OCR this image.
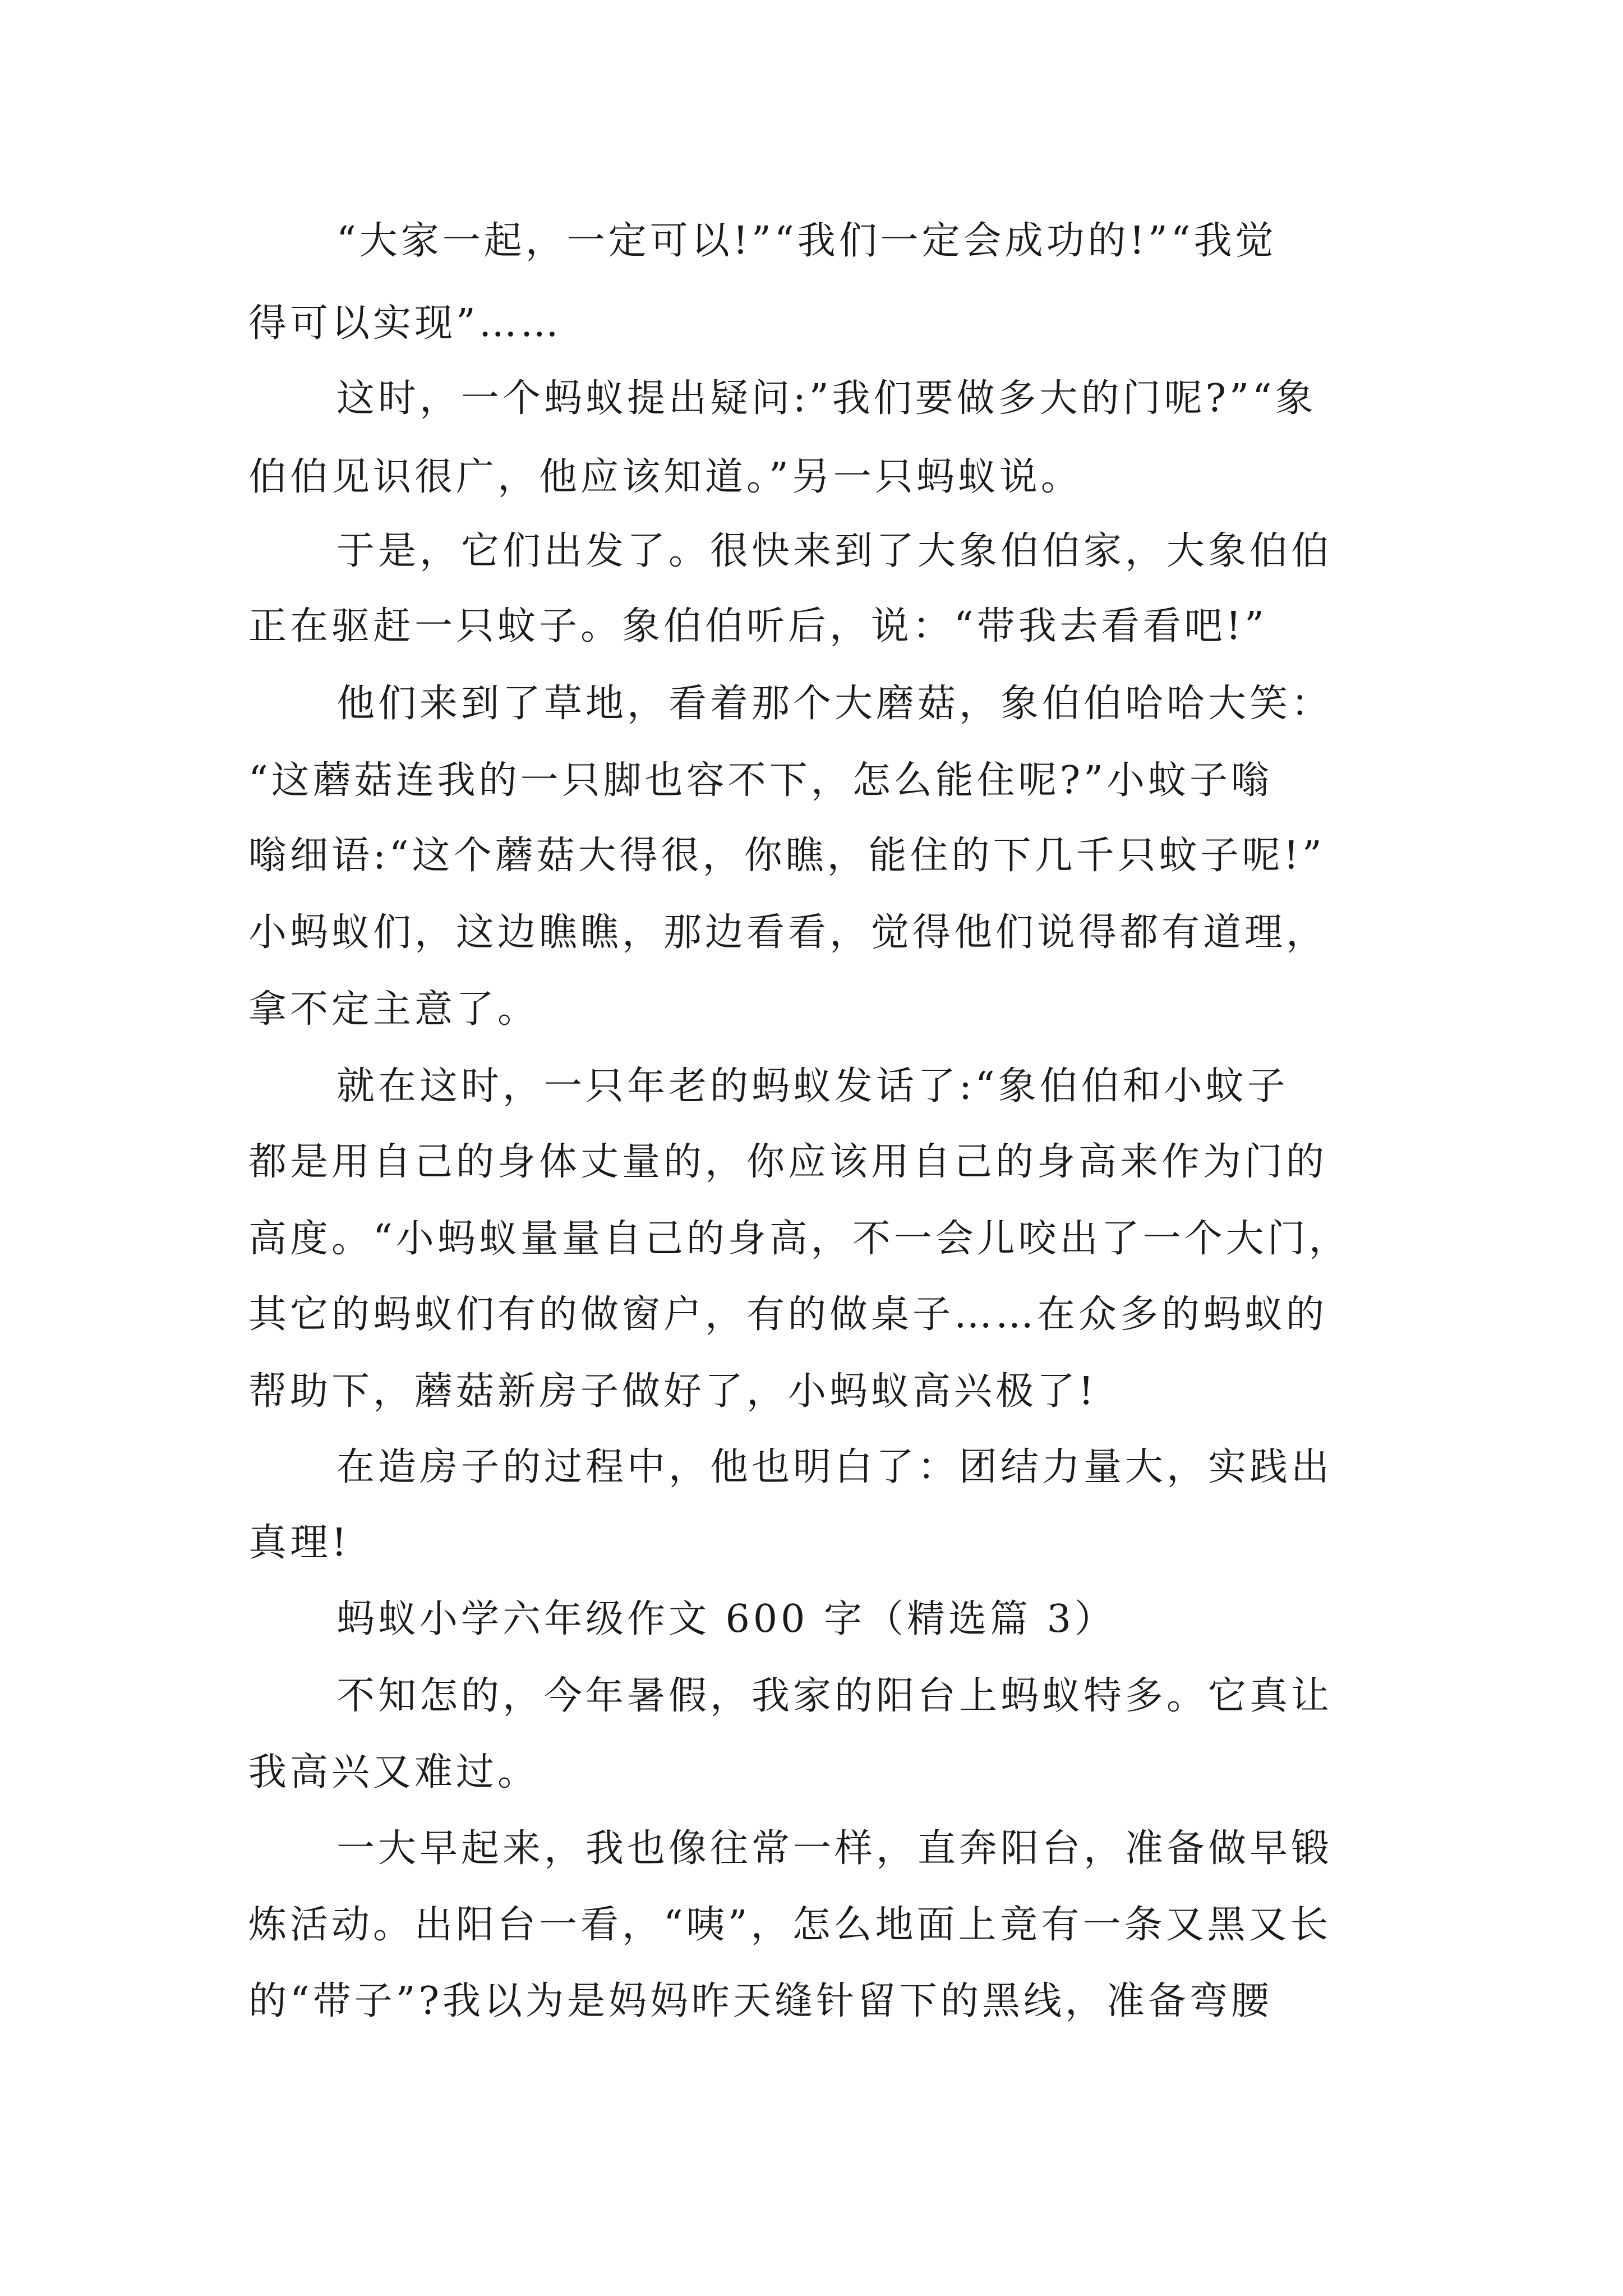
“大家一起，一定可以!”“我们一定会成功的!”“我觉
得可以实现”……
这时，一个蚂蚁提出疑问:”我们要做多大的门呢?”“象
伯伯见识很广，他应该知道。”另一只蚂蚁说。
于是，它们出发了。很快来到了大象伯伯家，大象伯伯
正在驱赶一只蚊子。象伯伯听后，说：“带我去看看吧!”
他们来到了草地，看着那个大磨菇，象伯伯哈哈大笑：
“这蘑菇连我的一只脚也容不下，怎么能住呢?”小蚊子嗡
嗡细语:“这个蘑菇大得很，你瞧，能住的下几千只蚊子呢!”
小蚂蚁们，这边瞧瞧，那边看看，觉得他们说得都有道理，
拿不定主意了。
就在这时，一只年老的蚂蚁发话了:“象伯伯和小蚊子
都是用自己的身体丈量的，你应该用自己的身高来作为门的
高度。“小蚂蚁量量自己的身高，不一会儿咬出了一个大门，
其它的蚂蚁们有的做窗户，有的做桌子……在众多的蚂蚁的
帮助下，蘑菇新房子做好了，小蚂蚁高兴极了!
在造房子的过程中，他也明白了：团结力量大，实践出
真理!
蚂蚁小学六年级作文 600 字（精选篇 3）
不知怎的，今年暑假，我家的阳台上蚂蚁特多。它真让
我高兴又难过。
一大早起来，我也像往常一样，直奔阳台，准备做早锻
炼活动。出阳台一看，“咦”，怎么地面上竟有一条又黑又长
的“带子”?我以为是妈妈昨天缝针留下的黑线，准备弯腰
